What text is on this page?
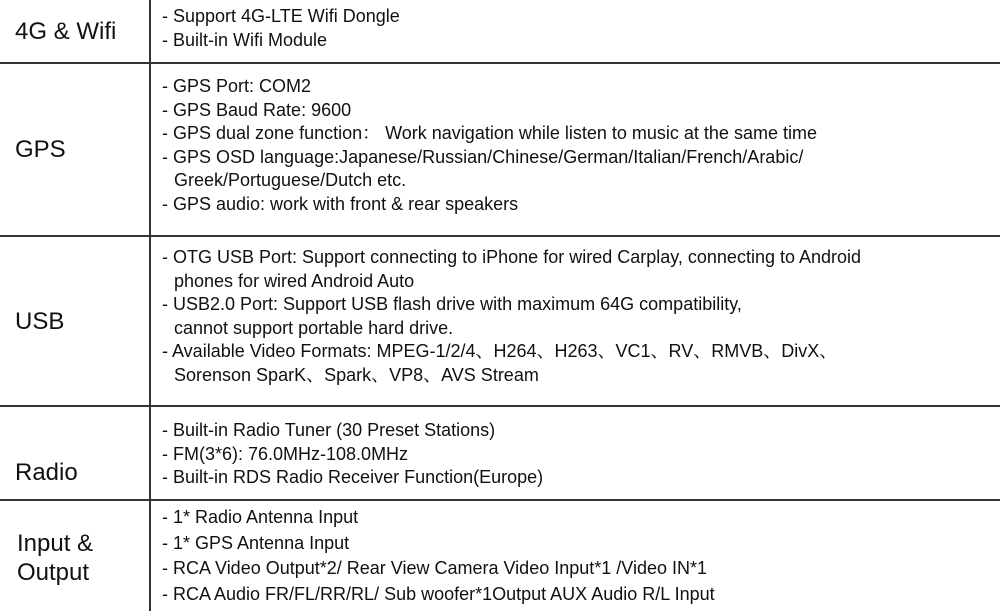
4G & Wifi
- Support 4G-LTE Wifi Dongle
- Built-in Wifi Module
GPS
- GPS Port: COM2
- GPS Baud Rate: 9600
- GPS dual zone function： Work navigation while listen to music at the same time
- GPS OSD language:Japanese/Russian/Chinese/German/Italian/French/Arabic/
Greek/Portuguese/Dutch etc.
- GPS audio: work with front & rear speakers
USB
- OTG USB Port: Support connecting to iPhone for wired Carplay, connecting to Android
phones for wired Android Auto
- USB2.0 Port: Support USB flash drive with maximum 64G compatibility,
cannot support portable hard drive.
- Available Video Formats: MPEG-1/2/4、H264、H263、VC1、RV、RMVB、DivX、
Sorenson SparK、Spark、VP8、AVS Stream
Radio
- Built-in Radio Tuner (30 Preset Stations)
- FM(3*6): 76.0MHz-108.0MHz
- Built-in RDS Radio Receiver Function(Europe)
Input &
Output
- 1* Radio Antenna Input
- 1* GPS Antenna Input
- RCA Video Output*2/ Rear View Camera Video Input*1 /Video IN*1
- RCA Audio FR/FL/RR/RL/ Sub woofer*1Output AUX Audio R/L Input
